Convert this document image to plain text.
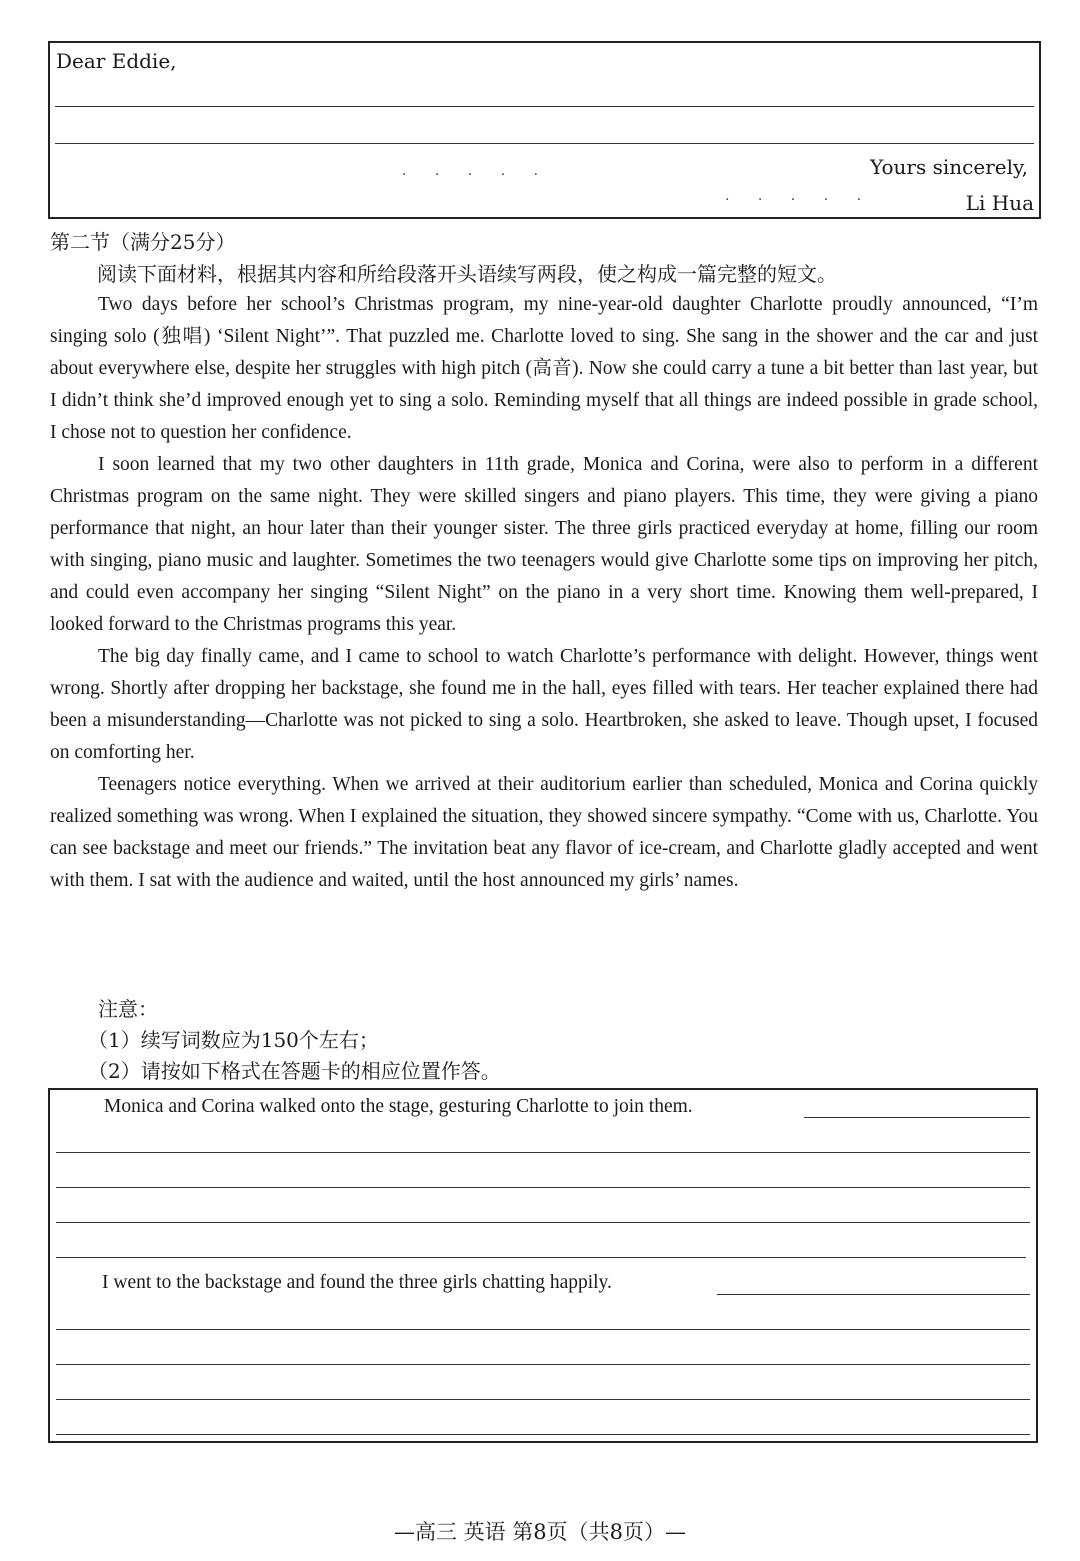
Dear Eddie,
. . . . .
. . . . .
Yours sincerely,
Li Hua
第二节（满分25分）
阅读下面材料，根据其内容和所给段落开头语续写两段，使之构成一篇完整的短文。

Two days before her school’s Christmas program, my nine-year-old daughter Charlotte proudly announced, “I’m singing solo (独唱) ‘Silent Night’”. That puzzled me. Charlotte loved to sing. She sang in the shower and the car and just about everywhere else, despite her struggles with high pitch (高音). Now she could carry a tune a bit better than last year, but I didn’t think she’d improved enough yet to sing a solo. Reminding myself that all things are indeed possible in grade school, I chose not to question her confidence.

I soon learned that my two other daughters in 11th grade, Monica and Corina, were also to perform in a different Christmas program on the same night. They were skilled singers and piano players. This time, they were giving a piano performance that night, an hour later than their younger sister. The three girls practiced everyday at home, filling our room with singing, piano music and laughter. Sometimes the two teenagers would give Charlotte some tips on improving her pitch, and could even accompany her singing “Silent Night” on the piano in a very short time. Knowing them well-prepared, I looked forward to the Christmas programs this year.

The big day finally came, and I came to school to watch Charlotte’s performance with delight. However, things went wrong. Shortly after dropping her backstage, she found me in the hall, eyes filled with tears. Her teacher explained there had been a misunderstanding—Charlotte was not picked to sing a solo. Heartbroken, she asked to leave. Though upset, I focused on comforting her.

Teenagers notice everything. When we arrived at their auditorium earlier than scheduled, Monica and Corina quickly realized something was wrong. When I explained the situation, they showed sincere sympathy. “Come with us, Charlotte. You can see backstage and meet our friends.” The invitation beat any flavor of ice-cream, and Charlotte gladly accepted and went with them. I sat with the audience and waited, until the host announced my girls’ names.

注意：
（1）续写词数应为150个左右；
（2）请按如下格式在答题卡的相应位置作答。
Monica and Corina walked onto the stage, gesturing Charlotte to join them.
I went to the backstage and found the three girls chatting happily.
—高三 英语 第8页（共8页）—
